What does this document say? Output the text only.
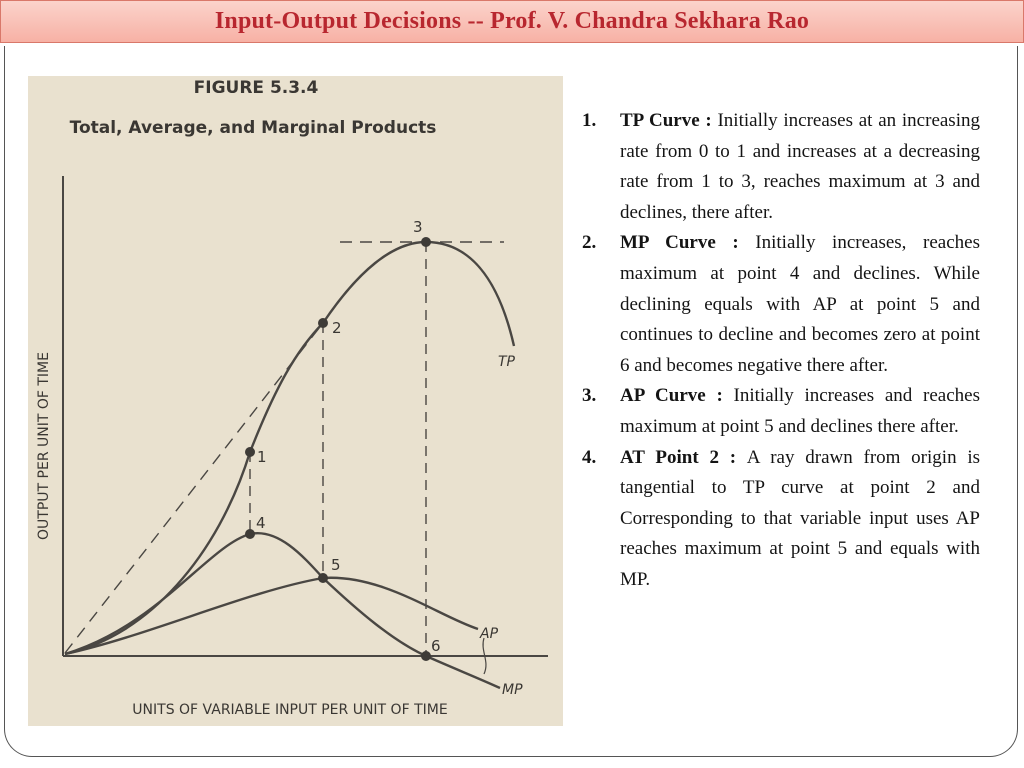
Input-Output Decisions -- Prof. V. Chandra Sekhara Rao
FIGURE 5.3.4
Total, Average, and Marginal Products
1
2
3
4
5
6
TP
AP
MP
OUTPUT PER UNIT OF TIME
UNITS OF VARIABLE INPUT PER UNIT OF TIME
1. TP Curve : Initially increases at an increasing rate from 0 to 1 and increases at a decreasing rate from 1 to 3, reaches maximum at 3 and declines, there after.
2. MP Curve : Initially increases, reaches maximum at point 4 and declines. While declining equals with AP at point 5 and continues to decline and becomes zero at point 6 and becomes negative there after.
3. AP Curve : Initially increases and reaches maximum at point 5 and declines there after.
4. AT Point 2 : A ray drawn from origin is tangential to TP curve at point 2 and Corresponding to that variable input uses AP reaches maximum at point 5 and equals with MP.
